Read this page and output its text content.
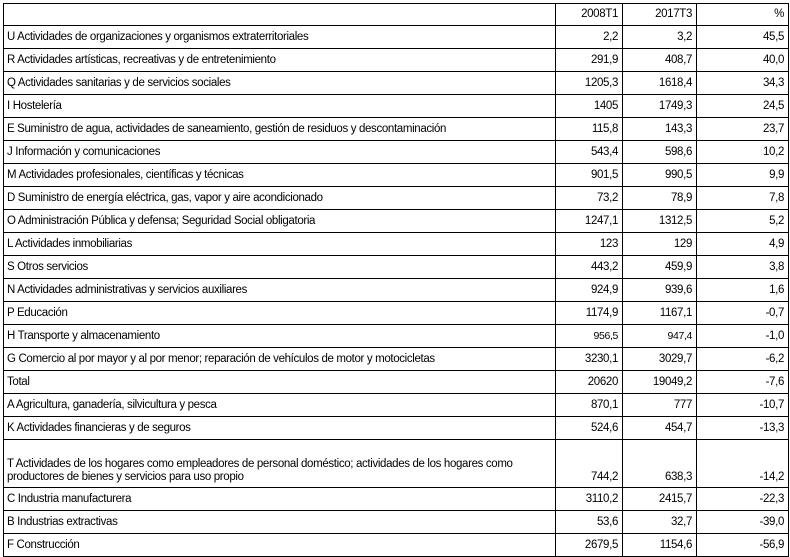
	2008T1	2017T3	%
U Actividades de organizaciones y organismos extraterritoriales	2,2	3,2	45,5
R Actividades artísticas, recreativas y de entretenimiento	291,9	408,7	40,0
Q Actividades sanitarias y de servicios sociales	1205,3	1618,4	34,3
I Hostelería	1405	1749,3	24,5
E Suministro de agua, actividades de saneamiento, gestión de residuos y descontaminación	115,8	143,3	23,7
J Información y comunicaciones	543,4	598,6	10,2
M Actividades profesionales, científicas y técnicas	901,5	990,5	9,9
D Suministro de energía eléctrica, gas, vapor y aire acondicionado	73,2	78,9	7,8
O Administración Pública y defensa; Seguridad Social obligatoria	1247,1	1312,5	5,2
L Actividades inmobiliarias	123	129	4,9
S Otros servicios	443,2	459,9	3,8
N Actividades administrativas y servicios auxiliares	924,9	939,6	1,6
P Educación	1174,9	1167,1	-0,7
H Transporte y almacenamiento	956,5	947,4	-1,0
G Comercio al por mayor y al por menor; reparación de vehículos de motor y motocicletas	3230,1	3029,7	-6,2
Total	20620	19049,2	-7,6
A Agricultura, ganadería, silvicultura y pesca	870,1	777	-10,7
K Actividades financieras y de seguros	524,6	454,7	-13,3
T Actividades de los hogares como empleadores de personal doméstico; actividades de los hogares como productores de bienes y servicios para uso propio	744,2	638,3	-14,2
C Industria manufacturera	3110,2	2415,7	-22,3
B Industrias extractivas	53,6	32,7	-39,0
F Construcción	2679,5	1154,6	-56,9
